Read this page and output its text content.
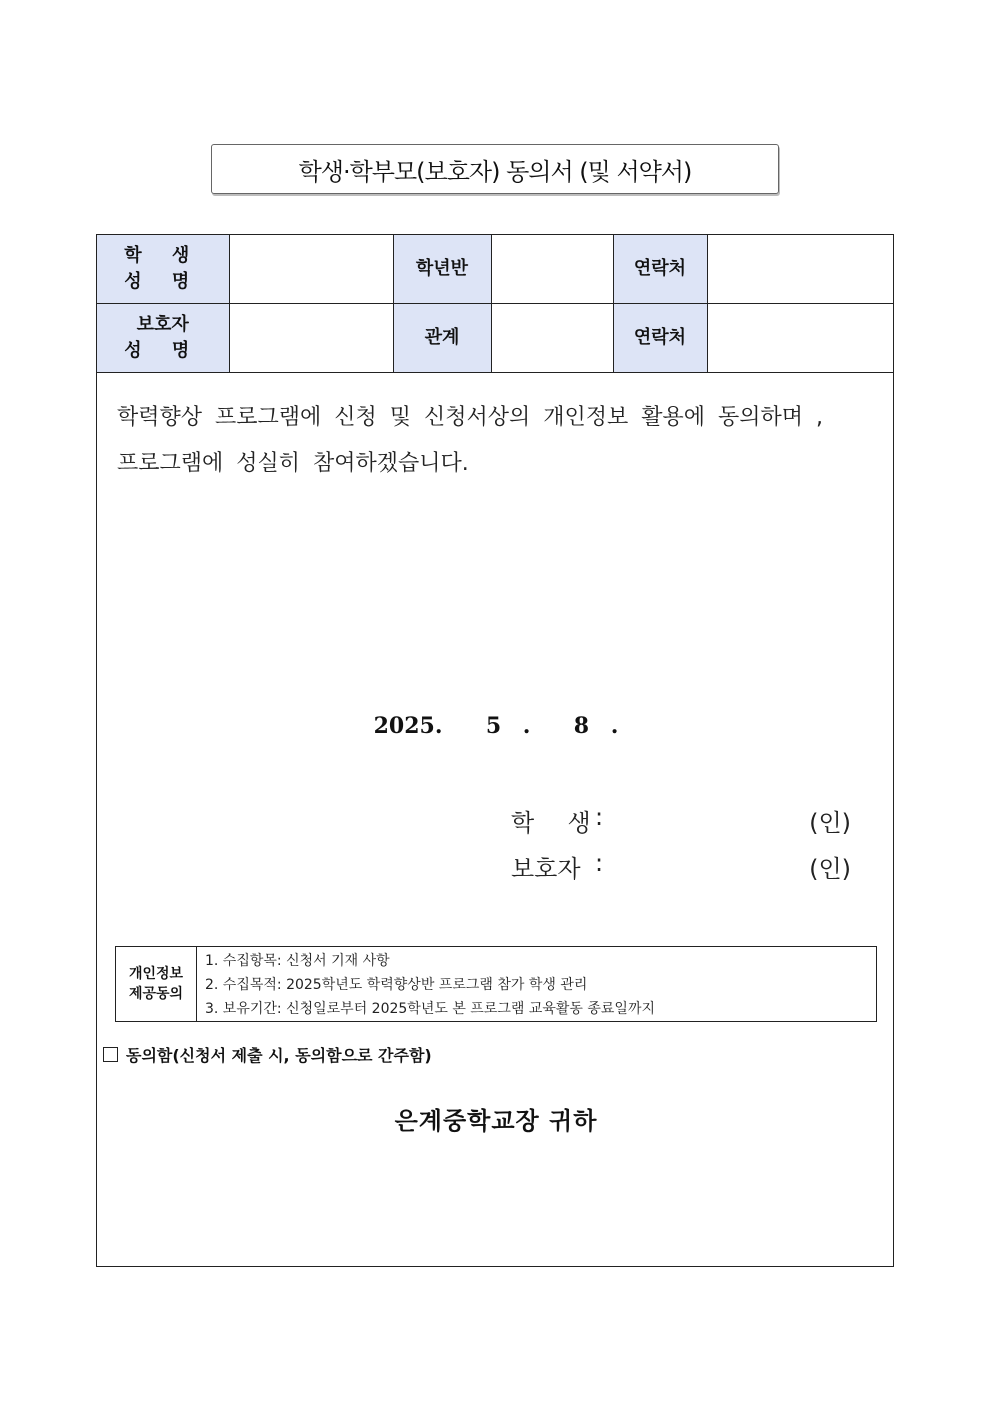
학생·학부모(보호자) 동의서 (및 서약서)
학 생
성 명		학년반		연락처	

보호자
성 명		관계		연락처	
학력향상 프로그램에 신청 및 신청서상의 개인정보 활용에 동의하며 ,
프로그램에 성실히 참여하겠습니다.
2025.  5 .  8 .
학  생
:	(인)
보호자 :	(인)
개인정보
제공동의
1. 수집항목: 신청서 기재 사항
2. 수집목적: 2025학년도 학력향상반 프로그램 참가 학생 관리
3. 보유기간: 신청일로부터 2025학년도 본 프로그램 교육활동 종료일까지
동의함(신청서 제출 시, 동의함으로 간주함)
은계중학교장 귀하
